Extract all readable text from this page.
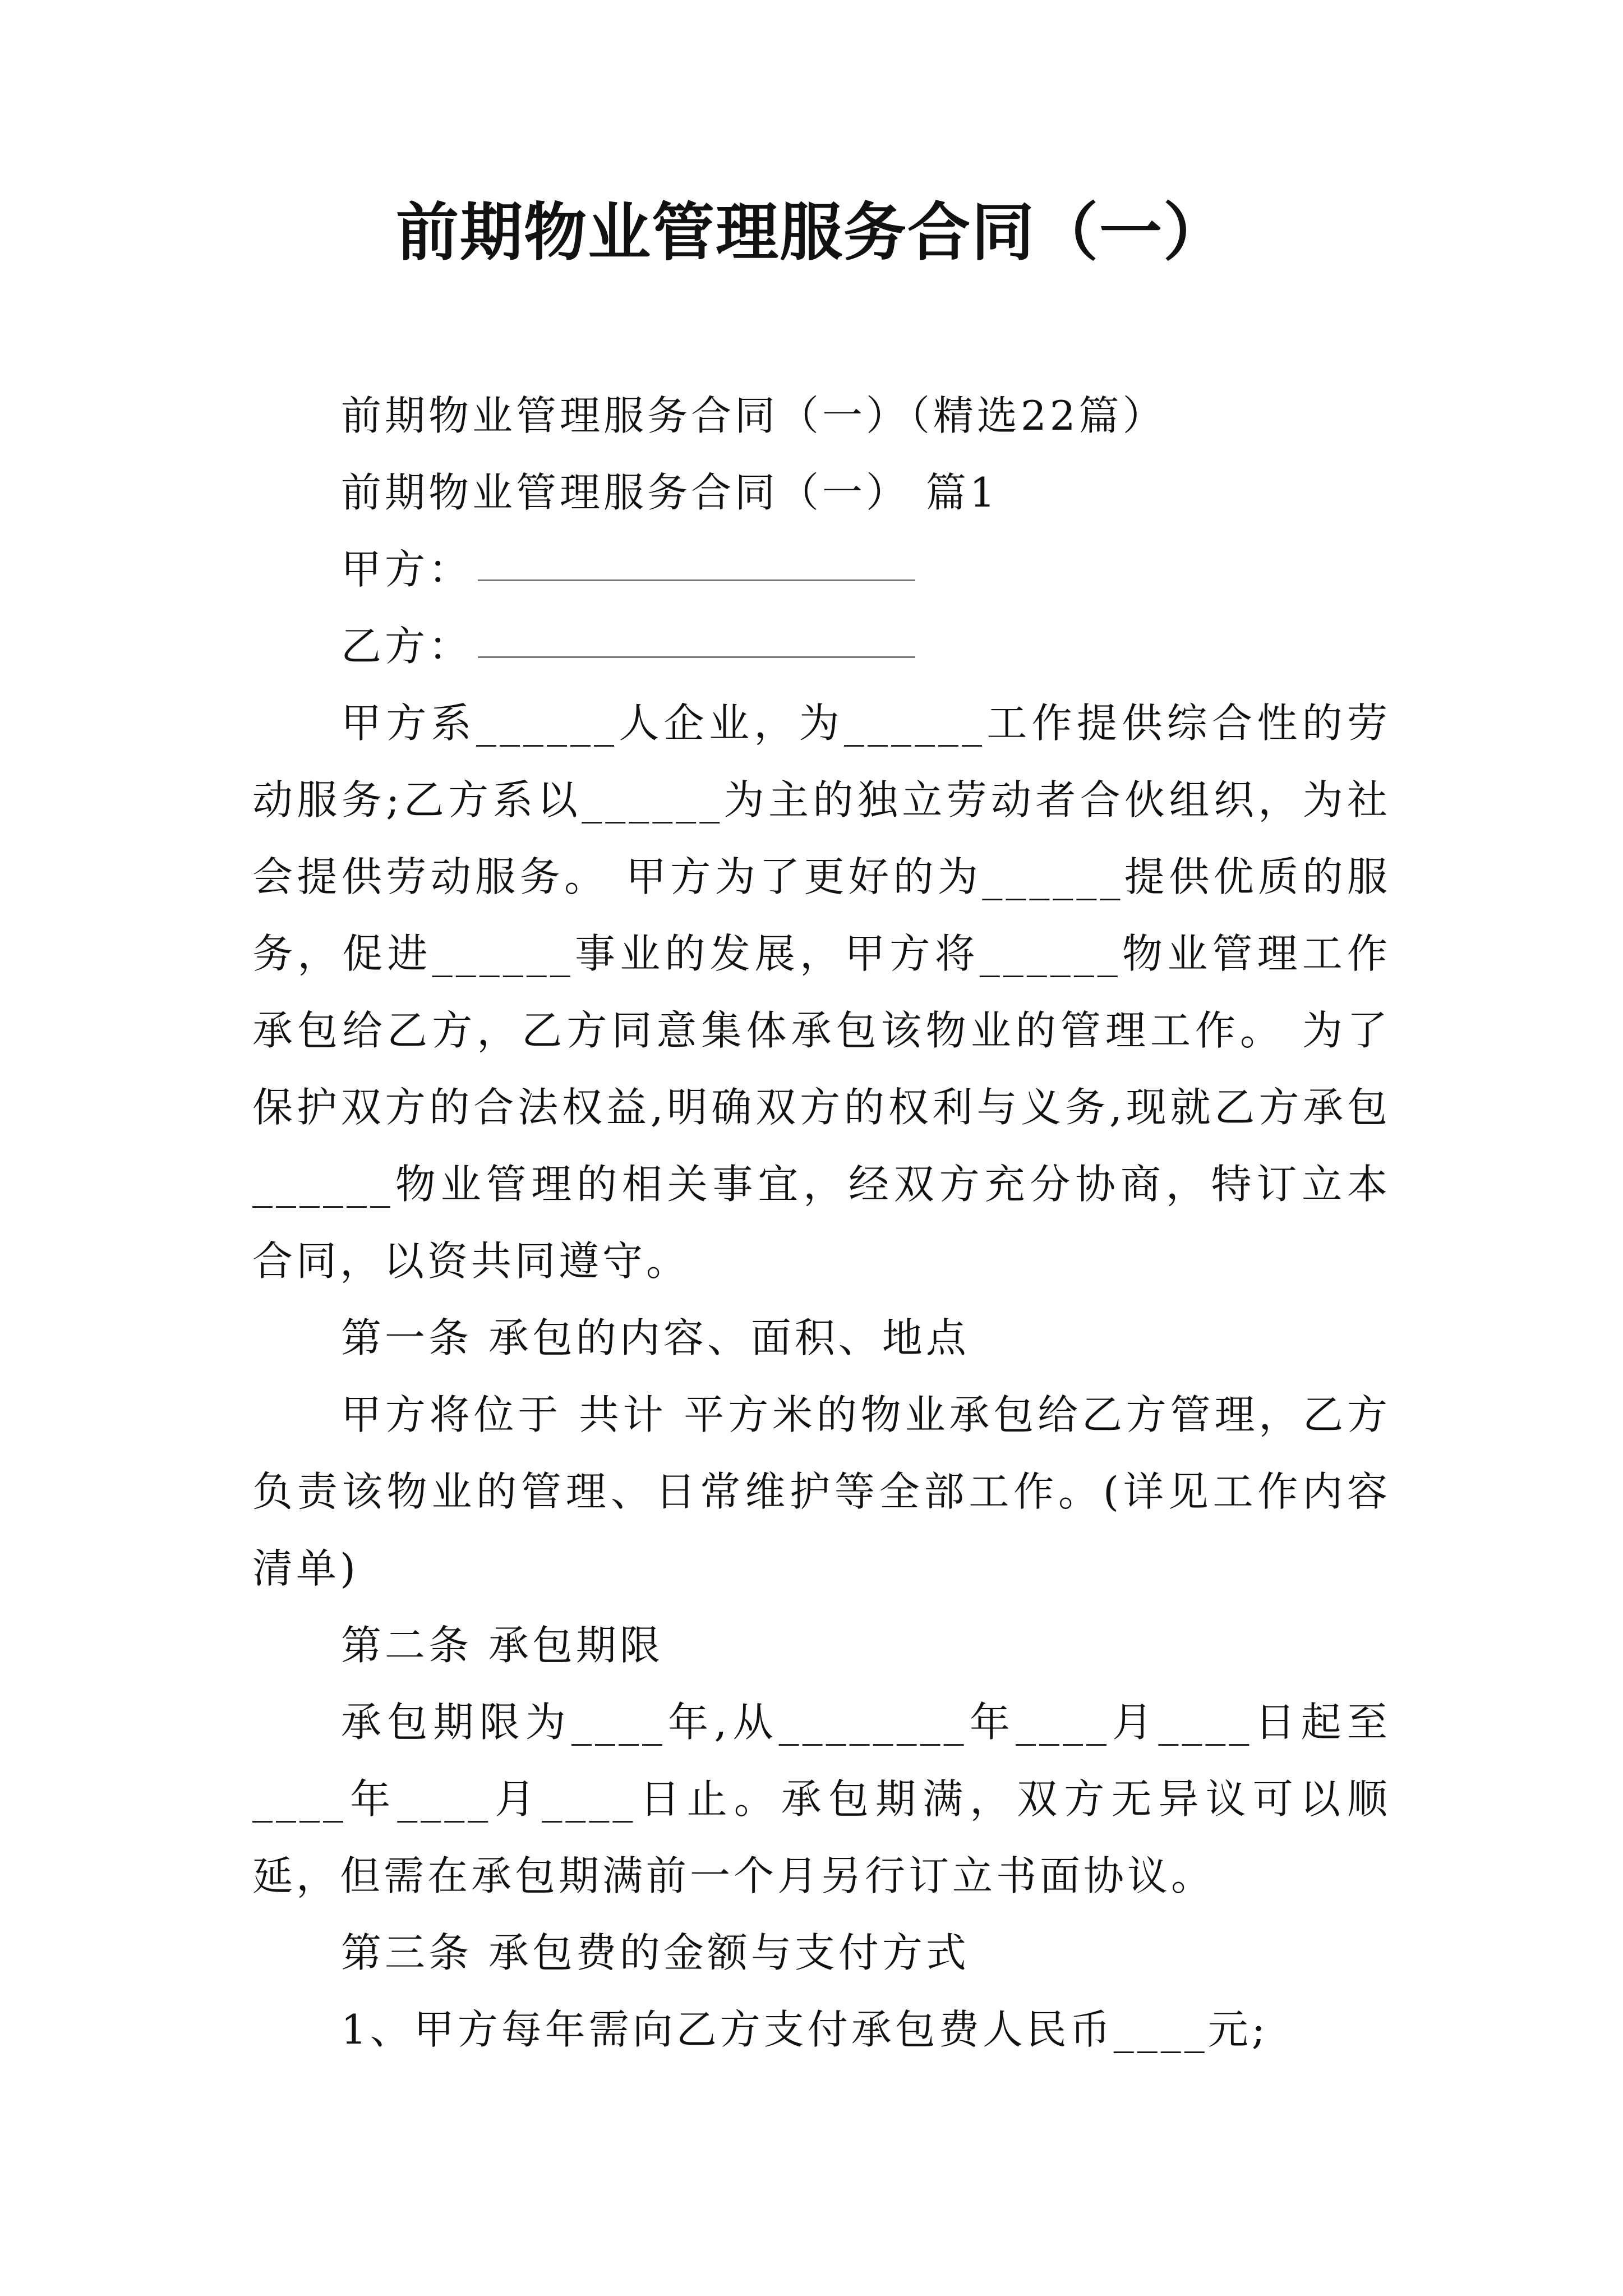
前期物业管理服务合同（一）

前期物业管理服务合同（一）（精选22篇）

前期物业管理服务合同（一） 篇1

甲方：

乙方：

甲方系______人企业，为______工作提供综合性的劳动服务;乙方系以______为主的独立劳动者合伙组织，为社会提供劳动服务。 甲方为了更好的为______提供优质的服务，促进______事业的发展，甲方将______物业管理工作承包给乙方，乙方同意集体承包该物业的管理工作。 为了保护双方的合法权益,明确双方的权利与义务,现就乙方承包______物业管理的相关事宜，经双方充分协商，特订立本合同，以资共同遵守。

第一条 承包的内容、面积、地点

甲方将位于 共计 平方米的物业承包给乙方管理，乙方负责该物业的管理、日常维护等全部工作。(详见工作内容清单)

第二条 承包期限

承包期限为____年,从________年____月____日起至____年____月____日止。承包期满，双方无异议可以顺延，但需在承包期满前一个月另行订立书面协议。

第三条 承包费的金额与支付方式

1、甲方每年需向乙方支付承包费人民币____元;
